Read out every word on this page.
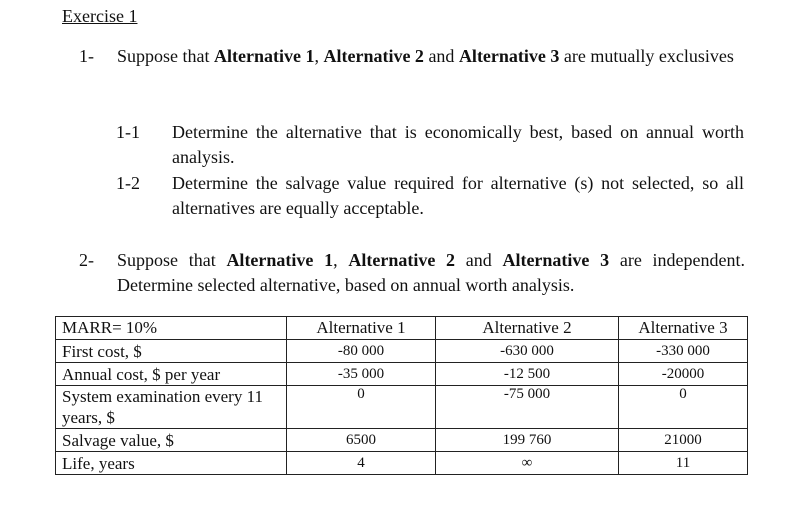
Exercise 1
1- Suppose that Alternative 1, Alternative 2 and Alternative 3 are mutually exclusives
1-1 Determine the alternative that is economically best, based on annual worth analysis.
1-2 Determine the salvage value required for alternative (s) not selected, so all alternatives are equally acceptable.
2- Suppose that Alternative 1, Alternative 2 and Alternative 3 are independent. Determine selected alternative, based on annual worth analysis.
MARR= 10%	Alternative 1	Alternative 2	Alternative 3
First cost, $	-80 000	-630 000	-330 000
Annual cost, $ per year	-35 000	-12 500	-20000
System examination every 11 years, $	0	-75 000	0
Salvage value, $	6500	199 760	21000
Life, years	4	∞	11
